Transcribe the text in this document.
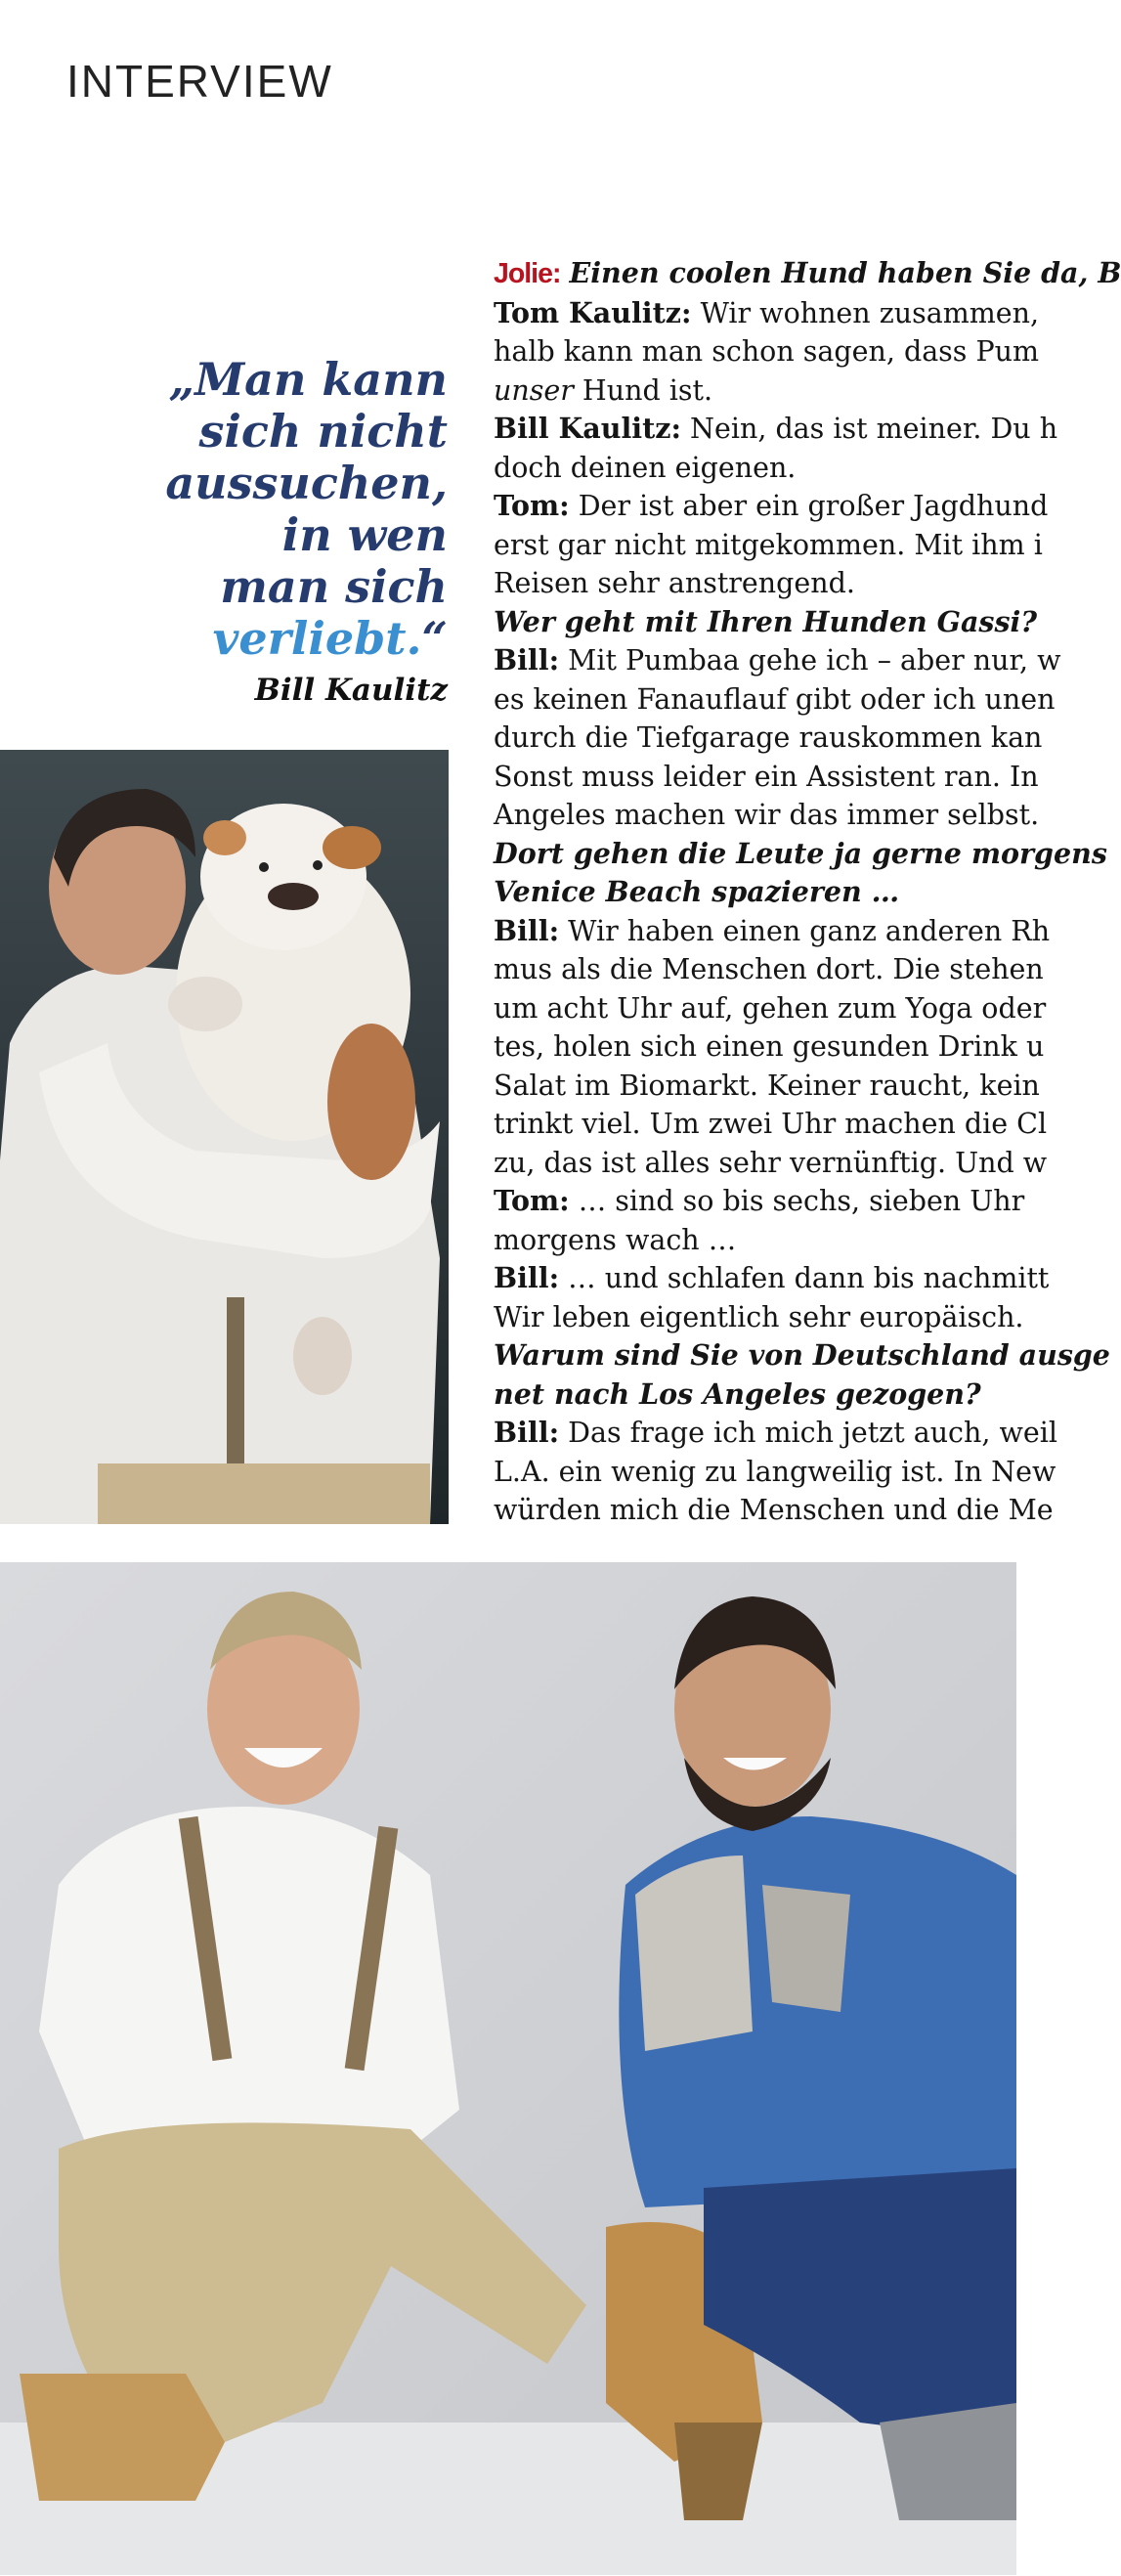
INTERVIEW
„Man kann
sich nicht
aussuchen,
in wen
man sich
verliebt.“
Bill Kaulitz

Jolie: Einen coolen Hund haben Sie da, B

Tom Kaulitz: Wir wohnen zusammen,

halb kann man schon sagen, dass Pum

unser Hund ist.

Bill Kaulitz: Nein, das ist meiner. Du h

doch deinen eigenen.

Tom: Der ist aber ein großer Jagdhund

erst gar nicht mitgekommen. Mit ihm i

Reisen sehr anstrengend.

Wer geht mit Ihren Hunden Gassi?

Bill: Mit Pumbaa gehe ich – aber nur, w

es keinen Fanauflauf gibt oder ich unen

durch die Tiefgarage rauskommen kan

Sonst muss leider ein Assistent ran. In

Angeles machen wir das immer selbst.

Dort gehen die Leute ja gerne morgens

Venice Beach spazieren …

Bill: Wir haben einen ganz anderen Rh

mus als die Menschen dort. Die stehen

um acht Uhr auf, gehen zum Yoga oder

tes, holen sich einen gesunden Drink u

Salat im Biomarkt. Keiner raucht, kein

trinkt viel. Um zwei Uhr machen die Cl

zu, das ist alles sehr vernünftig. Und w

Tom: … sind so bis sechs, sieben Uhr

morgens wach …

Bill: … und schlafen dann bis nachmitt

Wir leben eigentlich sehr europäisch.

Warum sind Sie von Deutschland ausge

net nach Los Angeles gezogen?

Bill: Das frage ich mich jetzt auch, weil

L.A. ein wenig zu langweilig ist. In New

würden mich die Menschen und die Me
